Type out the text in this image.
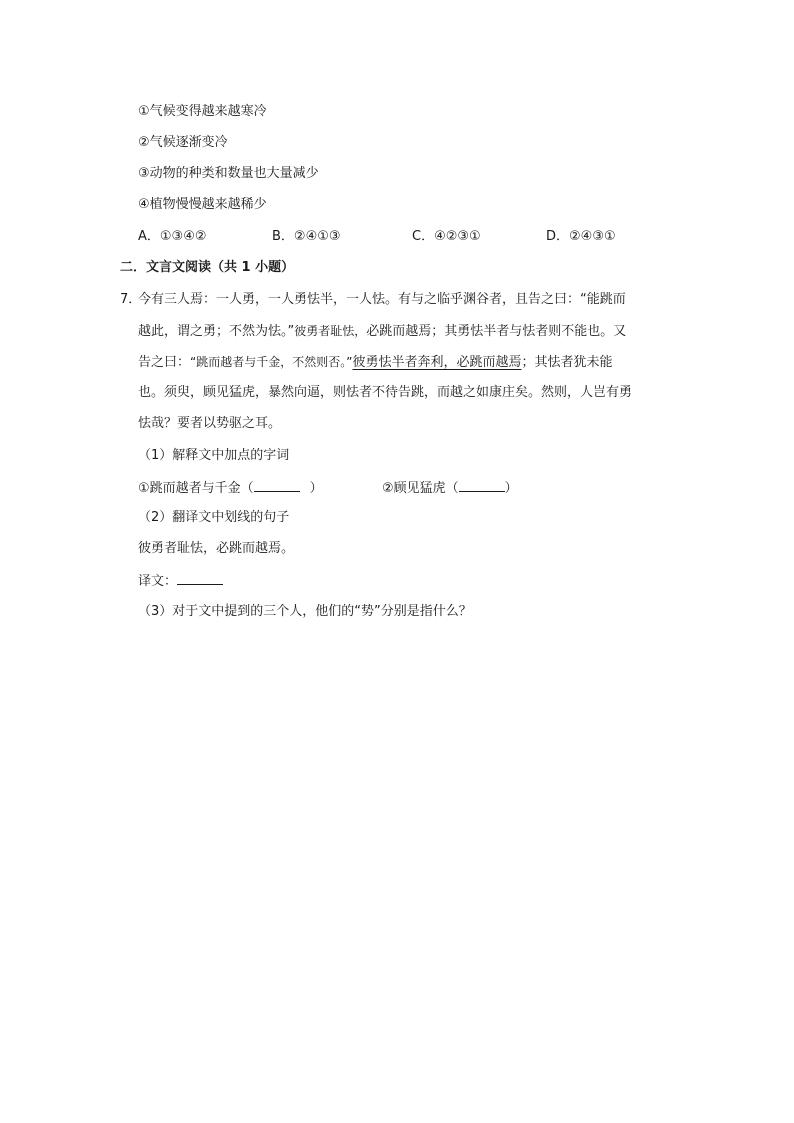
①气候变得越来越寒冷
②气候逐渐变冷
③动物的种类和数量也大量减少
④植物慢慢越来越稀少
A．①③④②	B．②④①③	C．④②③①	D．②④③①
二．文言文阅读（共 1 小题）
7．
今有三人焉：一人勇，一人勇怯半，一人怯。有与之临乎渊谷者，且告之曰：“能跳而
越此，谓之勇；不然为怯。”彼勇者耻怯，必跳而越焉；其勇怯半者与怯者则不能也。又
告之曰：“跳而越者与千金，不然则否。”彼勇怯半者奔利，必跳而越焉；其怯者犹未能
也。须臾，顾见猛虎，暴然向逼，则怯者不待告跳，而越之如康庄矣。然则，人岂有勇
怯哉？要者以势驱之耳。
（1）解释文中加点的字词
①跳而越者与千金（	）	②顾见猛虎（	）
（2）翻译文中划线的句子
彼勇者耻怯，必跳而越焉。
译文：
（3）对于文中提到的三个人，他们的“势”分别是指什么？
